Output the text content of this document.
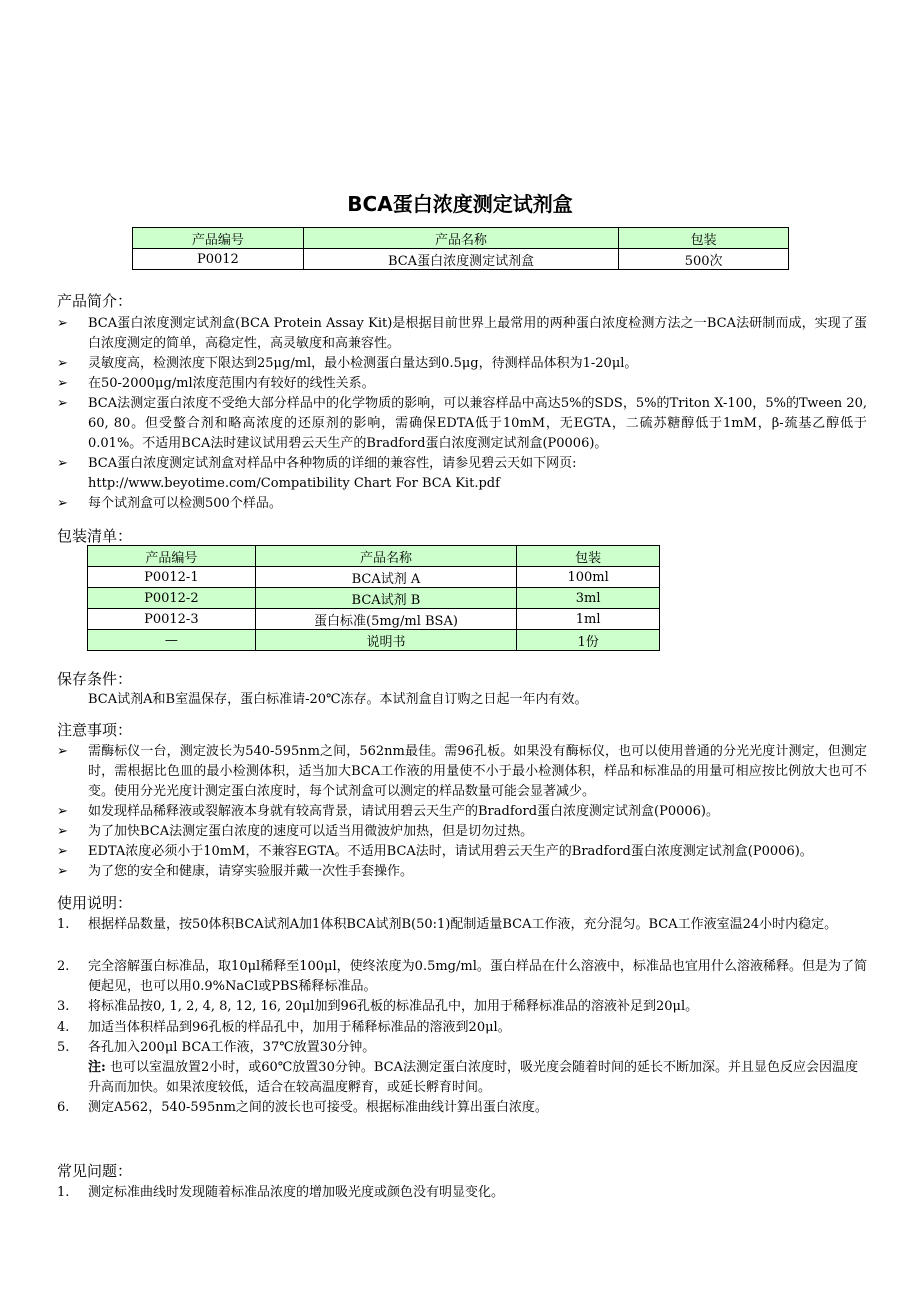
BCA蛋白浓度测定试剂盒
产品编号	产品名称	包装
P0012	BCA蛋白浓度测定试剂盒	500次
产品简介：
➢	BCA蛋白浓度测定试剂盒(BCA Protein Assay Kit)是根据目前世界上最常用的两种蛋白浓度检测方法之一BCA法研制而成，实现了蛋白浓度测定的简单，高稳定性，高灵敏度和高兼容性。
➢	灵敏度高，检测浓度下限达到25μg/ml，最小检测蛋白量达到0.5μg，待测样品体积为1-20μl。
➢	在50-2000μg/ml浓度范围内有较好的线性关系。
➢	BCA法测定蛋白浓度不受绝大部分样品中的化学物质的影响，可以兼容样品中高达5%的SDS，5%的Triton X-100，5%的Tween 20, 60, 80。但受螯合剂和略高浓度的还原剂的影响，需确保EDTA低于10mM，无EGTA，二硫苏糖醇低于1mM，β-巯基乙醇低于0.01%。不适用BCA法时建议试用碧云天生产的Bradford蛋白浓度测定试剂盒(P0006)。
➢	BCA蛋白浓度测定试剂盒对样品中各种物质的详细的兼容性，请参见碧云天如下网页:
http://www.beyotime.com/Compatibility Chart For BCA Kit.pdf
➢	每个试剂盒可以检测500个样品。
包装清单：
产品编号	产品名称	包装
P0012-1	BCA试剂 A	100ml
P0012-2	BCA试剂 B	3ml
P0012-3	蛋白标准(5mg/ml BSA)	1ml
—	说明书	1份
保存条件：
BCA试剂A和B室温保存，蛋白标准请-20℃冻存。本试剂盒自订购之日起一年内有效。
注意事项：
➢	需酶标仪一台，测定波长为540-595nm之间，562nm最佳。需96孔板。如果没有酶标仪，也可以使用普通的分光光度计测定，但测定时，需根据比色皿的最小检测体积，适当加大BCA工作液的用量使不小于最小检测体积，样品和标准品的用量可相应按比例放大也可不变。使用分光光度计测定蛋白浓度时，每个试剂盒可以测定的样品数量可能会显著减少。
➢	如发现样品稀释液或裂解液本身就有较高背景，请试用碧云天生产的Bradford蛋白浓度测定试剂盒(P0006)。
➢	为了加快BCA法测定蛋白浓度的速度可以适当用微波炉加热，但是切勿过热。
➢	EDTA浓度必须小于10mM，不兼容EGTA。不适用BCA法时，请试用碧云天生产的Bradford蛋白浓度测定试剂盒(P0006)。
➢	为了您的安全和健康，请穿实验服并戴一次性手套操作。
使用说明：
1.	根据样品数量，按50体积BCA试剂A加1体积BCA试剂B(50:1)配制适量BCA工作液，充分混匀。BCA工作液室温24小时内稳定。
2.	完全溶解蛋白标准品，取10μl稀释至100μl，使终浓度为0.5mg/ml。蛋白样品在什么溶液中，标准品也宜用什么溶液稀释。但是为了简便起见，也可以用0.9%NaCl或PBS稀释标准品。
3.	将标准品按0, 1, 2, 4, 8, 12, 16, 20μl加到96孔板的标准品孔中，加用于稀释标准品的溶液补足到20μl。
4.	加适当体积样品到96孔板的样品孔中，加用于稀释标准品的溶液到20μl。
5.	各孔加入200μl BCA工作液，37℃放置30分钟。
注: 也可以室温放置2小时，或60℃放置30分钟。BCA法测定蛋白浓度时，吸光度会随着时间的延长不断加深。并且显色反应会因温度升高而加快。如果浓度较低，适合在较高温度孵育，或延长孵育时间。
6.	测定A562，540-595nm之间的波长也可接受。根据标准曲线计算出蛋白浓度。
常见问题：
1.	测定标准曲线时发现随着标准品浓度的增加吸光度或颜色没有明显变化。
